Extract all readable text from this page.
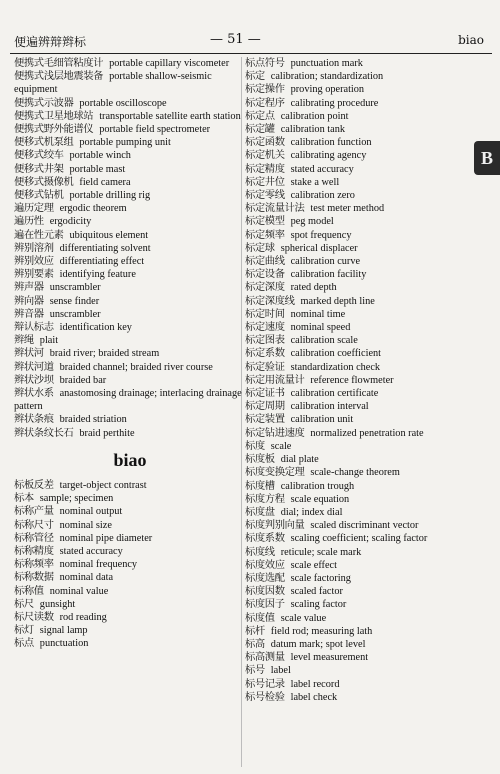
便遍辨辩辫标	— 51 —	biao
便携式毛细管粘度计 portable capillary viscometer
便携式浅层地震装备 portable shallow-seismic equipment
便携式示波器 portable oscilloscope
便携式卫星地球站 transportable satellite earth station
便携式野外能谱仪 portable field spectrometer
便移式机泵组 portable pumping unit
便移式绞车 portable winch
便移式井架 portable mast
便移式摄像机 field camera
便移式钻机 portable drilling rig
遍历定理 ergodic theorem
遍历性 ergodicity
遍在性元素 ubiquitous element
辨别溶剂 differentiating solvent
辨别效应 differentiating effect
辨别要素 identifying feature
辨声器 unscrambler
辨向器 sense finder
辨音器 unscrambler
辩认标志 identification key
辫绳 plait
辫状河 braid river; braided stream
辫状河道 braided channel; braided river course
辫状沙坝 braided bar
辫状水系 anastomosing drainage; interlacing drainage pattern
辫状条痕 braided striation
辫状条纹长石 braid perthite
biao
标板反差 target-object contrast
标本 sample; specimen
标称产量 nominal output
标称尺寸 nominal size
标称管径 nominal pipe diameter
标称精度 stated accuracy
标称频率 nominal frequency
标称数据 nominal data
标称值 nominal value
标尺 gunsight
标尺读数 rod reading
标灯 signal lamp
标点 punctuation
标点符号 punctuation mark
标定 calibration; standardization
标定操作 proving operation
标定程序 calibrating procedure
标定点 calibration point
标定罐 calibration tank
标定函数 calibration function
标定机关 calibrating agency
标定精度 stated accuracy
标定井位 stake a well
标定零线 calibration zero
标定流量计法 test meter method
标定模型 peg model
标定频率 spot frequency
标定球 spherical displacer
标定曲线 calibration curve
标定设备 calibration facility
标定深度 rated depth
标定深度线 marked depth line
标定时间 nominal time
标定速度 nominal speed
标定图表 calibration scale
标定系数 calibration coefficient
标定验证 standardization check
标定用流量计 reference flowmeter
标定证书 calibration certificate
标定周期 calibration interval
标定装置 calibration unit
标定钻进速度 normalized penetration rate
标度 scale
标度板 dial plate
标度变换定理 scale-change theorem
标度槽 calibration trough
标度方程 scale equation
标度盘 dial; index dial
标度判别向量 scaled discriminant vector
标度系数 scaling coefficient; scaling factor
标度线 reticule; scale mark
标度效应 scale effect
标度选配 scale factoring
标度因数 scaled factor
标度因子 scaling factor
标度值 scale value
标杆 field rod; measuring lath
标高 datum mark; spot level
标高测量 level measurement
标号 label
标号记录 label record
标号检验 label check
B
